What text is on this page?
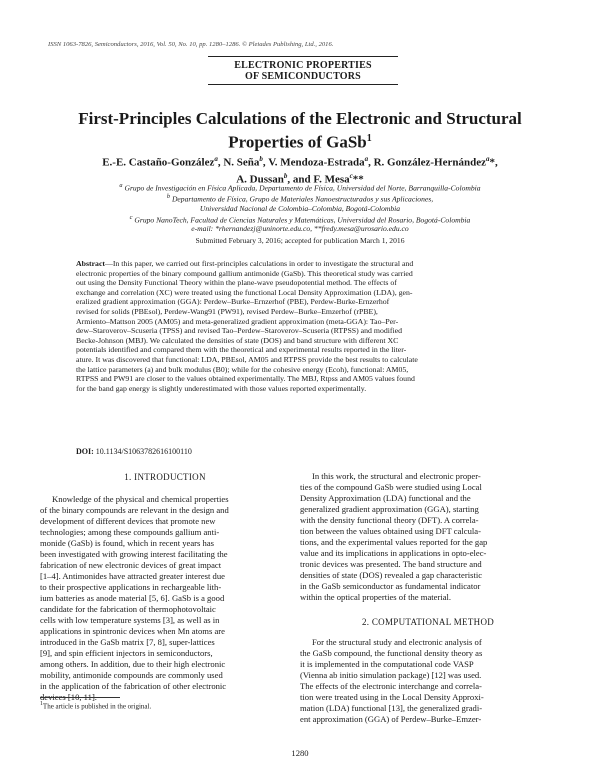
ISSN 1063-7826, Semiconductors, 2016, Vol. 50, No. 10, pp. 1280–1286. © Pleiades Publishing, Ltd., 2016.
ELECTRONIC PROPERTIES
OF SEMICONDUCTORS
First-Principles Calculations of the Electronic and Structural
Properties of GaSb$^1$
E.-E. Castaño-González$^a$, N. Seña$^b$, V. Mendoza-Estrada$^a$, R. González-Hernández$^a$*,
A. Dussan$^b$, and F. Mesa$^c$**
$^a$ Grupo de Investigación en Física Aplicada, Departamento de Física, Universidad del Norte, Barranquilla-Colombia
$^b$ Departamento de Física, Grupo de Materiales Nanoestructurados y sus Aplicaciones,
Universidad Nacional de Colombia–Colombia, Bogotá-Colombia
$^c$ Grupo NanoTech, Facultad de Ciencias Naturales y Matemáticas, Universidad del Rosario, Bogotá-Colombia
e-mail: *rhernandezj@uninorte.edu.co, **fredy.mesa@urosario.edu.co
Submitted February 3, 2016; accepted for publication March 1, 2016
Abstract—In this paper, we carried out first-principles calculations in order to investigate the structural and
electronic properties of the binary compound gallium antimonide (GaSb). This theoretical study was carried
out using the Density Functional Theory within the plane-wave pseudopotential method. The effects of
exchange and correlation (XC) were treated using the functional Local Density Approximation (LDA), gen-
eralized gradient approximation (GGA): Perdew–Burke–Ernzerhof (PBE), Perdew-Burke-Ernzerhof
revised for solids (PBEsol), Perdew-Wang91 (PW91), revised Perdew–Burke–Emzerhof (rPBE),
Armiento–Mattson 2005 (AM05) and meta-generalized gradient approximation (meta-GGA): Tao–Per-
dew–Staroverov–Scuseria (TPSS) and revised Tao–Perdew–Staroverov–Scuseria (RTPSS) and modified
Becke-Johnson (MBJ). We calculated the densities of state (DOS) and band structure with different XC
potentials identified and compared them with the theoretical and experimental results reported in the liter-
ature. It was discovered that functional: LDA, PBEsol, AM05 and RTPSS provide the best results to calculate
the lattice parameters (a) and bulk modulus (B0); while for the cohesive energy (Ecoh), functional: AM05,
RTPSS and PW91 are closer to the values obtained experimentally. The MBJ, Rtpss and AM05 values found
for the band gap energy is slightly underestimated with those values reported experimentally.
DOI: 10.1134/S1063782616100110
1. INTRODUCTION
Knowledge of the physical and chemical properties
of the binary compounds are relevant in the design and
development of different devices that promote new
technologies; among these compounds gallium anti-
monide (GaSb) is found, which in recent years has
been investigated with growing interest facilitating the
fabrication of new electronic devices of great impact
[1–4]. Antimonides have attracted greater interest due
to their prospective applications in rechargeable lith-
ium batteries as anode material [5, 6]. GaSb is a good
candidate for the fabrication of thermophotovoltaic
cells with low temperature systems [3], as well as in
applications in spintronic devices when Mn atoms are
introduced in the GaSb matrix [7, 8], super-lattices
[9], and spin efficient injectors in semiconductors,
among others. In addition, due to their high electronic
mobility, antimonide compounds are commonly used
in the application of the fabrication of other electronic
devices [10, 11].
In this work, the structural and electronic proper-
ties of the compound GaSb were studied using Local
Density Approximation (LDA) functional and the
generalized gradient approximation (GGA), starting
with the density functional theory (DFT). A correla-
tion between the values obtained using DFT calcula-
tions, and the experimental values reported for the gap
value and its implications in applications in opto-elec-
tronic devices was presented. The band structure and
densities of state (DOS) revealed a gap characteristic
in the GaSb semiconductor as fundamental indicator
within the optical properties of the material.
2. COMPUTATIONAL METHOD
For the structural study and electronic analysis of
the GaSb compound, the functional density theory as
it is implemented in the computational code VASP
(Vienna ab initio simulation package) [12] was used.
The effects of the electronic interchange and correla-
tion were treated using in the Local Density Approxi-
mation (LDA) functional [13], the generalized gradi-
ent approximation (GGA) of Perdew–Burke–Emzer-
$^1$The article is published in the original.
1280
